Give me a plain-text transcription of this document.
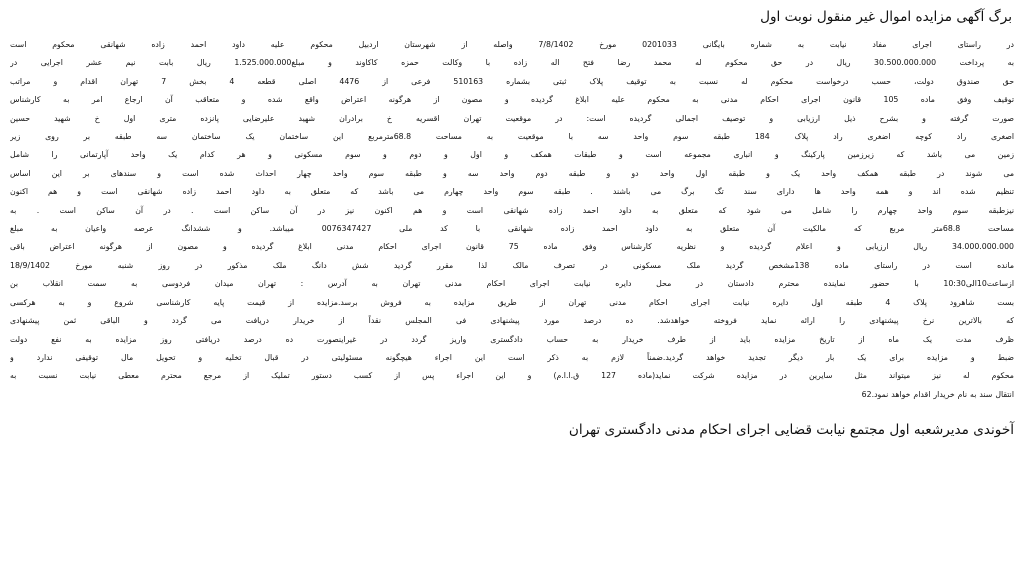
برگ آگهی مزایده اموال غیر منقول نوبت اول
در راستای اجرای مفاد نیابت به شماره بایگانی 0201033 مورخ 7/8/1402 واصله از شهرستان اردبیل محکوم علیه داود احمد زاده شهانقی محکوم است
به پرداخت 30.500.000.000 ریال در حق محکوم له محمد رضا فتح اله زاده با وکالت حمزه کاکاوند و مبلغ1.525.000.000 ریال بابت نیم عشر اجرایی در
حق صندوق دولت، حسب درخواست محکوم له نسبت به توقیف پلاک ثبتی بشماره 510163 فرعی از 4476 اصلی قطعه 4 بخش 7 تهران اقدام و مراتب
توقیف وفق ماده 105 قانون اجرای احکام مدنی به محکوم علیه ابلاغ گردیده و مصون از هرگونه اعتراض واقع شده و متعاقب آن ارجاع امر به کارشناس
صورت گرفته و بشرح ذیل ارزیابی و توصیف اجمالی گردیده است: در موقعیت تهران اقسریه خ برادران شهید علیرضایی پانزده متری اول خ شهید حسین
اصغری راد کوچه اضغری راد پلاک 184 طبقه سوم واحد سه با موقعیت به مساحت 68.8مترمربع این ساختمان یک ساختمان سه طبقه بر روی زیر
زمین می باشد که زیرزمین پارکینگ و انباری مجموعه است و طبقات همکف و اول و دوم و سوم مسکونی و هر کدام یک واحد آپارتمانی را شامل
می شوند در طبقه همکف واحد یک و طبقه اول واحد دو و طبقه دوم واحد سه و طبقه سوم واحد چهار احداث شده است و سندهای بر این اساس
تنظیم شده اند و همه واحد ها دارای سند تگ برگ می باشند . طبقه سوم واحد چهارم می باشد که متعلق به داود احمد زاده شهانقی است و هم اکنون
نیزطبقه سوم واحد چهارم را شامل می شود که متعلق به داود احمد زاده شهانقی است و هم اکنون نیز در آن ساکن است . در آن ساکن است . به
مساحت 68.8متر مربع که مالکیت آن متعلق به داود احمد زاده شهانقی با کد ملی 0076347427 میباشد. و ششدانگ عرصه واعیان به مبلغ
34.000.000.000 ریال ارزیابی و اعلام گردیده و نظریه کارشناس وفق ماده 75 قانون اجرای احکام مدنی ابلاغ گردیده و مصون از هرگونه اعتراض باقی
مانده است در راستای ماده 138مشخص گردید ملک مسکونی در تصرف مالک لذا مقرر گردید شش دانگ ملک مذکور در روز شنبه مورخ 18/9/1402
ازساعت10الی10:30 با حضور نماینده محترم دادستان در محل دایره نیابت اجرای احکام مدنی تهران به آدرس : تهران میدان فردوسی به سمت انقلاب بن
بست شاهرود پلاک 4 طبقه اول دایره نیابت اجرای احکام مدنی تهران از طریق مزایده به فروش برسد.مزایده از قیمت پایه کارشناسی شروع و به هرکسی
که بالاترین نرخ پیشنهادی را ارائه نماید فروخته خواهدشد. ده درصد مورد پیشنهادی فی المجلس نقداً از خریدار دریافت می گردد و الباقی ثمن پیشنهادی
ظرف مدت یک ماه از تاریخ مزایده باید از طرف خریدار به حساب دادگستری واریز گردد در غیراینصورت ده درصد دریافتی روز مزایده به نفع دولت
ضبط و مزایده برای یک بار دیگر تجدید خواهد گردید.ضمناً لازم به ذکر است این اجراء هیچگونه مسئولیتی در قبال تخلیه و تحویل مال توقیفی ندارد و
محکوم له نیز میتواند مثل سایرین در مزایده شرکت نماید(ماده 127 ق.ا.ا.م) و این اجراء پس از کسب دستور تملیک از مرجع محترم معطی نیابت نسبت به
انتقال سند به نام خریدار اقدام خواهد نمود.62
آخوندی مدیرشعبه اول مجتمع نیابت قضایی اجرای احکام مدنی دادگستری تهران
